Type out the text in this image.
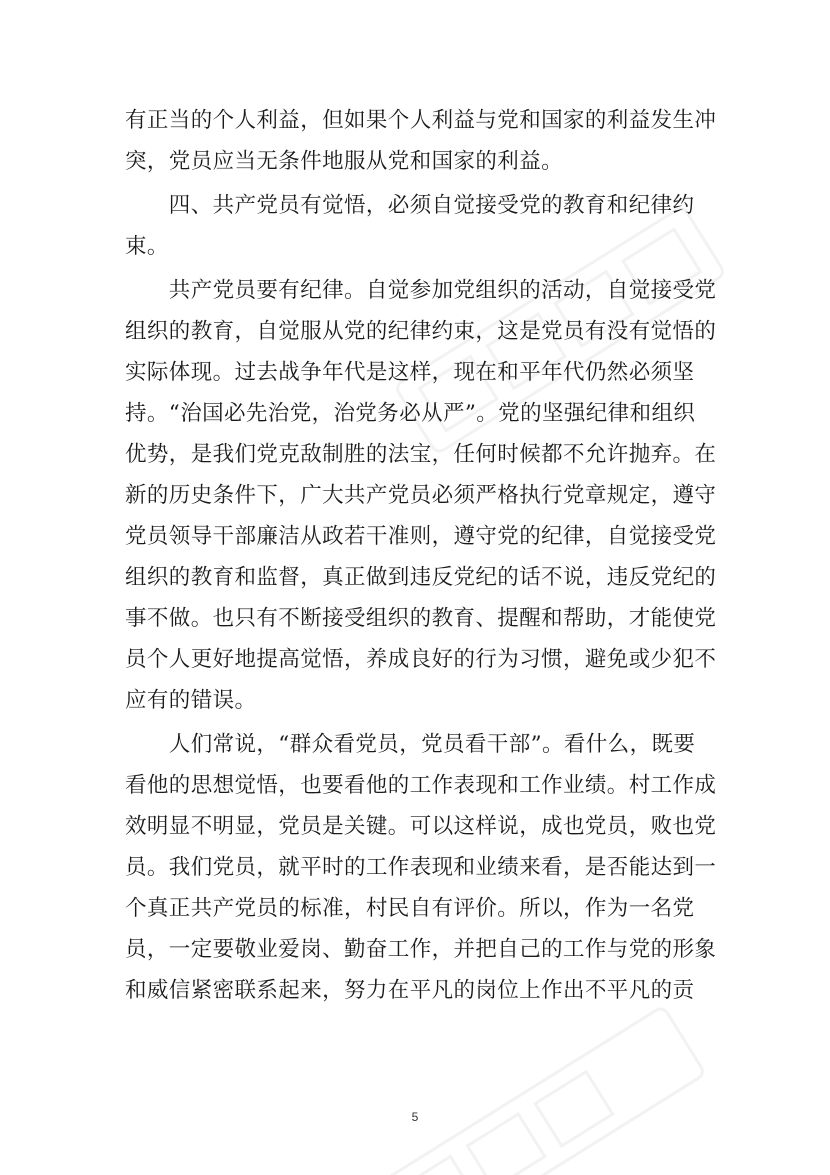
有正当的个人利益，但如果个人利益与党和国家的利益发生冲
突，党员应当无条件地服从党和国家的利益。

　　四、共产党员有觉悟，必须自觉接受党的教育和纪律约
束。

　　共产党员要有纪律。自觉参加党组织的活动，自觉接受党
组织的教育，自觉服从党的纪律约束，这是党员有没有觉悟的
实际体现。过去战争年代是这样，现在和平年代仍然必须坚
持。“治国必先治党，治党务必从严”。党的坚强纪律和组织
优势，是我们党克敌制胜的法宝，任何时候都不允许抛弃。在
新的历史条件下，广大共产党员必须严格执行党章规定，遵守
党员领导干部廉洁从政若干准则，遵守党的纪律，自觉接受党
组织的教育和监督，真正做到违反党纪的话不说，违反党纪的
事不做。也只有不断接受组织的教育、提醒和帮助，才能使党
员个人更好地提高觉悟，养成良好的行为习惯，避免或少犯不
应有的错误。

　　人们常说，“群众看党员，党员看干部”。看什么，既要
看他的思想觉悟，也要看他的工作表现和工作业绩。村工作成
效明显不明显，党员是关键。可以这样说，成也党员，败也党
员。我们党员，就平时的工作表现和业绩来看，是否能达到一
个真正共产党员的标准，村民自有评价。所以，作为一名党
员，一定要敬业爱岗、勤奋工作，并把自己的工作与党的形象
和威信紧密联系起来，努力在平凡的岗位上作出不平凡的贡

5
